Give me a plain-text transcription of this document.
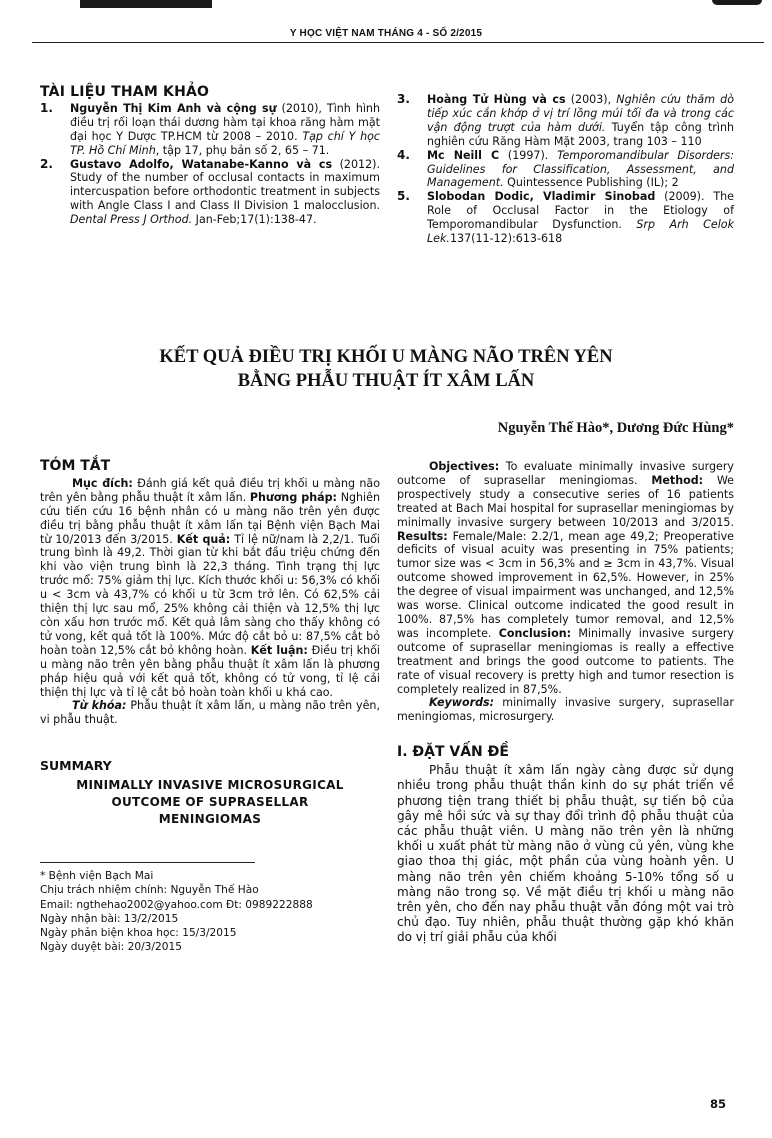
Y HỌC VIỆT NAM THÁNG 4 - SỐ 2/2015
TÀI LIỆU THAM KHẢO
1.	Nguyễn Thị Kim Anh và cộng sự (2010), Tình hình điều trị rối loạn thái dương hàm tại khoa răng hàm mặt đại học Y Dược TP.HCM từ 2008 – 2010. Tạp chí Y học TP. Hồ Chí Minh, tập 17, phụ bản số 2, 65 – 71.
2.	Gustavo Adolfo, Watanabe-Kanno và cs (2012). Study of the number of occlusal contacts in maximum intercuspation before orthodontic treatment in subjects with Angle Class I and Class II Division 1 malocclusion. Dental Press J Orthod. Jan-Feb;17(1):138-47.
3.	Hoàng Tử Hùng và cs (2003), Nghiên cứu thăm dò tiếp xúc cắn khớp ở vị trí lồng múi tối đa và trong các vận động trượt của hàm dưới. Tuyển tập công trình nghiên cứu Răng Hàm Mặt 2003, trang 103 – 110
4.	Mc Neill C (1997). Temporomandibular Disorders: Guidelines for Classification, Assessment, and Management. Quintessence Publishing (IL); 2
5.	Slobodan Dodic, Vladimir Sinobad (2009). The Role of Occlusal Factor in the Etiology of Temporomandibular Dysfunction. Srp Arh Celok Lek.137(11-12):613-618
KẾT QUẢ ĐIỀU TRỊ KHỐI U MÀNG NÃO TRÊN YÊN
BẰNG PHẪU THUẬT ÍT XÂM LẤN
Nguyễn Thế Hào*, Dương Đức Hùng*
TÓM TẮT

Mục đích: Đánh giá kết quả điều trị khối u màng não trên yên bằng phẫu thuật ít xâm lấn. Phương pháp: Nghiên cứu tiến cứu 16 bệnh nhân có u màng não trên yên được điều trị bằng phẫu thuật ít xâm lấn tại Bệnh viện Bạch Mai từ 10/2013 đến 3/2015. Kết quả: Tỉ lệ nữ/nam là 2,2/1. Tuổi trung bình là 49,2. Thời gian từ khi bắt đầu triệu chứng đến khi vào viện trung bình là 22,3 tháng. Tình trạng thị lực trước mổ: 75% giảm thị lực. Kích thước khối u: 56,3% có khối u < 3cm và 43,7% có khối u từ 3cm trở lên. Có 62,5% cải thiện thị lực sau mổ, 25% không cải thiện và 12,5% thị lực còn xấu hơn trước mổ. Kết quả lâm sàng cho thấy không có tử vong, kết quả tốt là 100%. Mức độ cắt bỏ u: 87,5% cắt bỏ hoàn toàn 12,5% cắt bỏ không hoàn. Kết luận: Điều trị khối u màng não trên yên bằng phẫu thuật ít xâm lấn là phương pháp hiệu quả với kết quả tốt, không có tử vong, tỉ lệ cải thiện thị lực và tỉ lệ cắt bỏ hoàn toàn khối u khá cao.

Từ khóa: Phẫu thuật ít xâm lấn, u màng não trên yên, vi phẫu thuật.

SUMMARY
MINIMALLY INVASIVE MICROSURGICAL
OUTCOME OF SUPRASELLAR
MENINGIOMAS
* Bệnh viện Bạch Mai
Chịu trách nhiệm chính: Nguyễn Thế Hào
Email: ngthehao2002@yahoo.com Đt: 0989222888
Ngày nhận bài: 13/2/2015
Ngày phản biện khoa học: 15/3/2015
Ngày duyệt bài: 20/3/2015

Objectives: To evaluate minimally invasive surgery outcome of suprasellar meningiomas. Method: We prospectively study a consecutive series of 16 patients treated at Bach Mai hospital for suprasellar meningiomas by minimally invasive surgery between 10/2013 and 3/2015. Results: Female/Male: 2.2/1, mean age 49,2; Preoperative deficits of visual acuity was presenting in 75% patients; tumor size was < 3cm in 56,3% and ≥ 3cm in 43,7%. Visual outcome showed improvement in 62,5%. However, in 25% the degree of visual impairment was unchanged, and 12,5% was worse. Clinical outcome indicated the good result in 100%. 87,5% has completely tumor removal, and 12,5% was incomplete. Conclusion: Minimally invasive surgery outcome of suprasellar meningiomas is really a effective treatment and brings the good outcome to patients. The rate of visual recovery is pretty high and tumor resection is completely realized in 87,5%.

Keywords: minimally invasive surgery, suprasellar meningiomas, microsurgery.

I. ĐẶT VẤN ĐỀ

Phẫu thuật ít xâm lấn ngày càng được sử dụng nhiều trong phẫu thuật thần kinh do sự phát triển về phương tiện trang thiết bị phẫu thuật, sự tiến bộ của gây mê hồi sức và sự thay đổi trình độ phẫu thuật của các phẫu thuật viên. U màng não trên yên là những khối u xuất phát từ màng não ở vùng củ yên, vùng khe giao thoa thị giác, một phần của vùng hoành yên. U màng não trên yên chiếm khoảng 5-10% tổng số u màng não trong sọ. Về mặt điều trị khối u màng não trên yên, cho đến nay phẫu thuật vẫn đóng một vai trò chủ đạo. Tuy nhiên, phẫu thuật thường gặp khó khăn do vị trí giải phẫu của khối

85
